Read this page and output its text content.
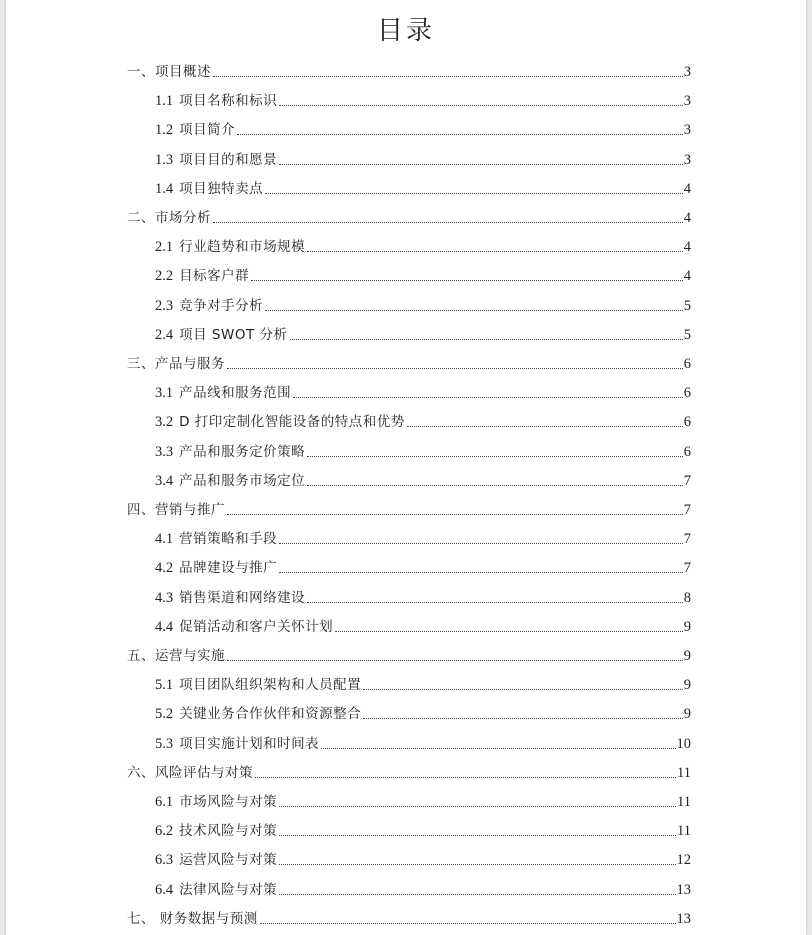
目录
一、项目概述	3
1.1 项目名称和标识	3
1.2 项目简介	3
1.3 项目目的和愿景	3
1.4 项目独特卖点	4
二、市场分析	4
2.1 行业趋势和市场规模	4
2.2 目标客户群	4
2.3 竞争对手分析	5
2.4 项目 SWOT 分析	5
三、产品与服务	6
3.1 产品线和服务范围	6
3.2 D 打印定制化智能设备的特点和优势	6
3.3 产品和服务定价策略	6
3.4 产品和服务市场定位	7
四、营销与推广	7
4.1 营销策略和手段	7
4.2 品牌建设与推广	7
4.3 销售渠道和网络建设	8
4.4 促销活动和客户关怀计划	9
五、运营与实施	9
5.1 项目团队组织架构和人员配置	9
5.2 关键业务合作伙伴和资源整合	9
5.3 项目实施计划和时间表	10
六、风险评估与对策	11
6.1 市场风险与对策	11
6.2 技术风险与对策	11
6.3 运营风险与对策	12
6.4 法律风险与对策	13
七、 财务数据与预测	13
